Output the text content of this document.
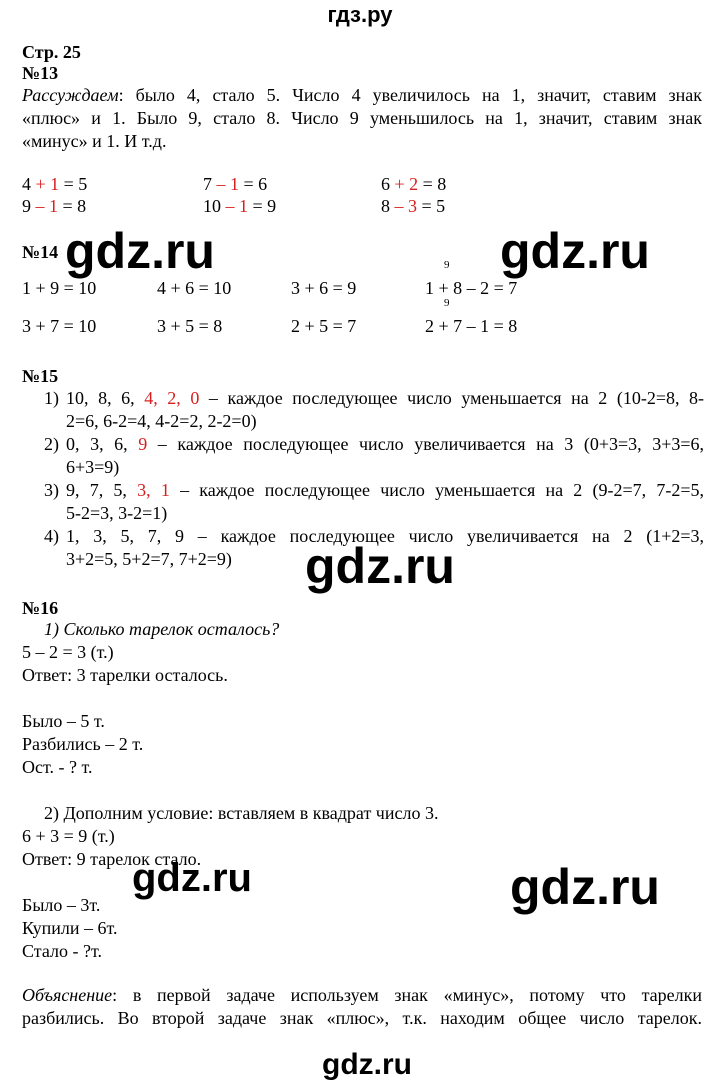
гдз.ру
Стр. 25
№13
Рассуждаем: было 4, стало 5. Число 4 увеличилось на 1, значит, ставим знак
«плюс» и 1. Было 9, стало 8. Число 9 уменьшилось на 1, значит, ставим знак
«минус» и 1. И т.д.
4 + 1 = 5	7 – 1 = 6	6 + 2 = 8
9 – 1 = 8	10 – 1 = 9	8 – 3 = 5
№14
9
1 + 9 = 10	4 + 6 = 10	3 + 6 = 9	1 + 8 – 2 = 7
9
3 + 7 = 10	3 + 5 = 8	2 + 5 = 7	2 + 7 – 1 = 8
№15
1) 10, 8, 6, 4, 2, 0 – каждое последующее число уменьшается на 2 (10-2=8, 8-
2=6, 6-2=4, 4-2=2, 2-2=0)
2) 0, 3, 6, 9 – каждое последующее число увеличивается на 3 (0+3=3, 3+3=6,
6+3=9)
3) 9, 7, 5, 3, 1 – каждое последующее число уменьшается на 2 (9-2=7, 7-2=5,
5-2=3, 3-2=1)
4) 1, 3, 5, 7, 9 – каждое последующее число увеличивается на 2 (1+2=3,
3+2=5, 5+2=7, 7+2=9)
№16
1) Сколько тарелок осталось?
5 – 2 = 3 (т.)
Ответ: 3 тарелки осталось.
Было – 5 т.
Разбились – 2 т.
Ост. - ? т.
2) Дополним условие: вставляем в квадрат число 3.
6 + 3 = 9 (т.)
Ответ: 9 тарелок стало.
Было – 3т.
Купили – 6т.
Стало - ?т.
Объяснение: в первой задаче используем знак «минус», потому что тарелки
разбились. Во второй задаче знак «плюс», т.к. находим общее число тарелок.
gdz.ru	gdz.ru
gdz.ru
gdz.ru	gdz.ru
gdz.ru
